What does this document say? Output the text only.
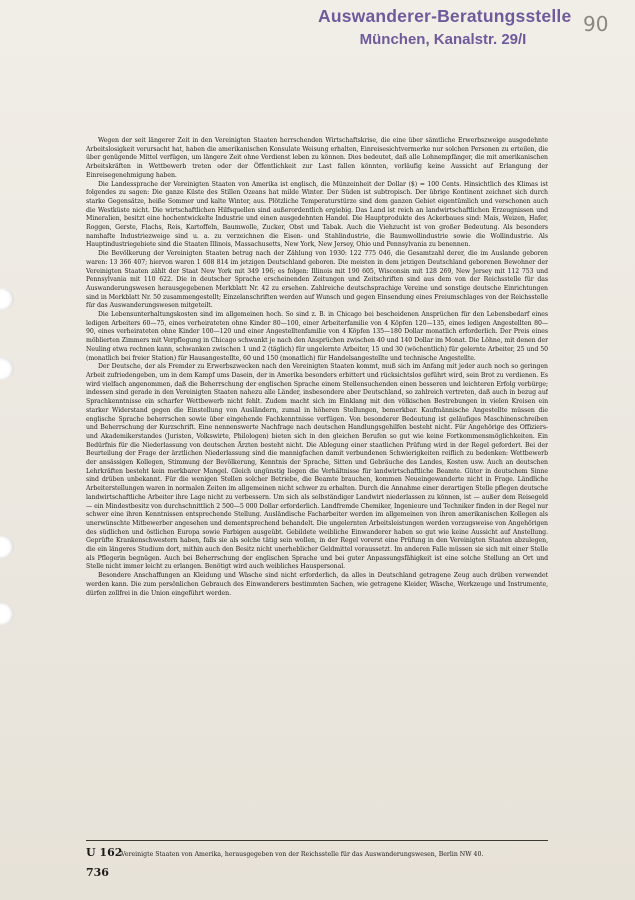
Auswanderer-Beratungsstelle
München, Kanalstr. 29/I
90

Wegen der seit längerer Zeit in den Vereinigten Staaten herrschenden Wirtschaftskrise, die eine über sämtliche Erwerbszweige ausgedehnte Arbeitslosigkeit verursacht hat, haben die amerikanischen Konsulate Weisung erhalten, Einreisesichtvermerke nur solchen Personen zu erteilen, die über genügende Mittel verfügen, um längere Zeit ohne Verdienst leben zu können. Dies bedeutet, daß alle Lohnempfänger, die mit amerikanischen Arbeitskräften in Wettbewerb treten oder der Öffentlichkeit zur Last fallen könnten, vorläufig keine Aussicht auf Erlangung der Einreisegenehmigung haben.

Die Landessprache der Vereinigten Staaten von Amerika ist englisch, die Münzeinheit der Dollar ($) = 100 Cents. Hinsichtlich des Klimas ist folgendes zu sagen: Die ganze Küste des Stillen Ozeans hat milde Winter. Der Süden ist subtropisch. Der übrige Kontinent zeichnet sich durch starke Gegensätze, heiße Sommer und kalte Winter, aus. Plötzliche Temperaturstürze sind dem ganzen Gebiet eigentümlich und verschonen auch die Westküste nicht. Die wirtschaftlichen Hilfsquellen sind außerordentlich ergiebig. Das Land ist reich an landwirtschaftlichen Erzeugnissen und Mineralien, besitzt eine hochentwickelte Industrie und einen ausgedehnten Handel. Die Hauptprodukte des Ackerbaues sind: Mais, Weizen, Hafer, Roggen, Gerste, Flachs, Reis, Kartoffeln, Baumwolle, Zucker, Obst und Tabak. Auch die Viehzucht ist von großer Bedeutung. Als besonders namhafte Industriezweige sind u. a. zu verzeichnen die Eisen- und Stahlindustrie, die Baumwollindustrie sowie die Wollindustrie. Als Hauptindustriegebiete sind die Staaten Illinois, Massachusetts, New York, New Jersey, Ohio und Pennsylvania zu benennen.

Die Bevölkerung der Vereinigten Staaten betrug nach der Zählung von 1930: 122 775 046, die Gesamtzahl derer, die im Auslande geboren waren: 13 366 407; hiervon waren 1 608 814 im jetzigen Deutschland geboren. Die meisten in dem jetzigen Deutschland geborenen Bewohner der Vereinigten Staaten zählt der Staat New York mit 349 196; es folgen: Illinois mit 190 605, Wisconsin mit 128 269, New Jersey mit 112 753 und Pennsylvania mit 110 622. Die in deutscher Sprache erscheinenden Zeitungen und Zeitschriften sind aus dem von der Reichsstelle für das Auswanderungswesen herausgegebenen Merkblatt Nr. 42 zu ersehen. Zahlreiche deutschsprachige Vereine und sonstige deutsche Einrichtungen sind in Merkblatt Nr. 50 zusammengestellt; Einzelanschriften werden auf Wunsch und gegen Einsendung eines Freiumschlages von der Reichsstelle für das Auswanderungswesen mitgeteilt.

Die Lebensunterhaltungskosten sind im allgemeinen hoch. So sind z. B. in Chicago bei bescheidenen Ansprüchen für den Lebensbedarf eines ledigen Arbeiters 60—75, eines verheirateten ohne Kinder 80—100, einer Arbeiterfamilie von 4 Köpfen 120—135, eines ledigen Angestellten 80—90, eines verheirateten ohne Kinder 100—120 und einer Angestelltenfamilie von 4 Köpfen 135—180 Dollar monatlich erforderlich. Der Preis eines möblierten Zimmers mit Verpflegung in Chicago schwankt je nach den Ansprüchen zwischen 40 und 140 Dollar im Monat. Die Löhne, mit denen der Neuling etwa rechnen kann, schwanken zwischen 1 und 2 (täglich) für ungelernte Arbeiter, 15 und 30 (wöchentlich) für gelernte Arbeiter, 25 und 50 (monatlich bei freier Station) für Hausangestellte, 60 und 150 (monatlich) für Handelsangestellte und technische Angestellte.

Der Deutsche, der als Fremder zu Erwerbszwecken nach den Vereinigten Staaten kommt, muß sich im Anfang mit jeder auch noch so geringen Arbeit zufriedengeben, um in dem Kampf ums Dasein, der in Amerika besonders erbittert und rücksichtslos geführt wird, sein Brot zu verdienen. Es wird vielfach angenommen, daß die Beherrschung der englischen Sprache einem Stellensuchenden einen besseren und leichteren Erfolg verbürge; indessen sind gerade in den Vereinigten Staaten nahezu alle Länder, insbesondere aber Deutschland, so zahlreich vertreten, daß auch in bezug auf Sprachkenntnisse ein scharfer Wettbewerb nicht fehlt. Zudem macht sich im Einklang mit den völkischen Bestrebungen in vielen Kreisen ein starker Widerstand gegen die Einstellung von Ausländern, zumal in höheren Stellungen, bemerkbar. Kaufmännische Angestellte müssen die englische Sprache beherrschen sowie über eingehende Fachkenntnisse verfügen. Von besonderer Bedeutung ist geläufiges Maschinenschreiben und Beherrschung der Kurzschrift. Eine nennenswerte Nachfrage nach deutschen Handlungsgehilfen besteht nicht. Für Angehörige des Offiziers- und Akademikerstandes (Juristen, Volkswirte, Philologen) bieten sich in den gleichen Berufen so gut wie keine Fortkommensmöglichkeiten. Ein Bedürfnis für die Niederlassung von deutschen Ärzten besteht nicht. Die Ablegung einer staatlichen Prüfung wird in der Regel gefordert. Bei der Beurteilung der Frage der ärztlichen Niederlassung sind die mannigfachen damit verbundenen Schwierigkeiten reiflich zu bedenken: Wettbewerb der ansässigen Kollegen, Stimmung der Bevölkerung, Kenntnis der Sprache, Sitten und Gebräuche des Landes, Kosten usw. Auch an deutschen Lehrkräften besteht kein merkbarer Mangel. Gleich ungünstig liegen die Verhältnisse für landwirtschaftliche Beamte. Güter in deutschem Sinne sind drüben unbekannt. Für die wenigen Stellen solcher Betriebe, die Beamte brauchen, kommen Neueingewanderte nicht in Frage. Ländliche Arbeiterstellungen waren in normalen Zeiten im allgemeinen nicht schwer zu erhalten. Durch die Annahme einer derartigen Stelle pflegen deutsche landwirtschaftliche Arbeiter ihre Lage nicht zu verbessern. Um sich als selbständiger Landwirt niederlassen zu können, ist — außer dem Reisegeld — ein Mindestbesitz von durchschnittlich 2 500—5 000 Dollar erforderlich. Landfremde Chemiker, Ingenieure und Techniker finden in der Regel nur schwer eine ihren Kenntnissen entsprechende Stellung. Ausländische Facharbeiter werden im allgemeinen von ihren amerikanischen Kollegen als unerwünschte Mitbewerber angesehen und dementsprechend behandelt. Die ungelernten Arbeitsleistungen werden vorzugsweise von Angehörigen des südlichen und östlichen Europa sowie Farbigen ausgeübt. Gebildete weibliche Einwanderer haben so gut wie keine Aussicht auf Anstellung. Geprüfte Krankenschwestern haben, falls sie als solche tätig sein wollen, in der Regel vorerst eine Prüfung in den Vereinigten Staaten abzulegen, die ein längeres Studium dort, mithin auch den Besitz nicht unerheblicher Geldmittel voraussetzt. Im anderen Falle müssen sie sich mit einer Stelle als Pflegerin begnügen. Auch bei Beherrschung der englischen Sprache und bei guter Anpassungsfähigkeit ist eine solche Stellung an Ort und Stelle nicht immer leicht zu erlangen. Benötigt wird auch weibliches Hauspersonal.

Besondere Anschaffungen an Kleidung und Wäsche sind nicht erforderlich, da alles in Deutschland getragene Zeug auch drüben verwendet werden kann. Die zum persönlichen Gebrauch des Einwanderers bestimmten Sachen, wie getragene Kleider, Wäsche, Werkzeuge und Instrumente, dürfen zollfrei in die Union eingeführt werden.

U 162
736
Vereinigte Staaten von Amerika, herausgegeben von der Reichsstelle für das Auswanderungswesen, Berlin NW 40.
